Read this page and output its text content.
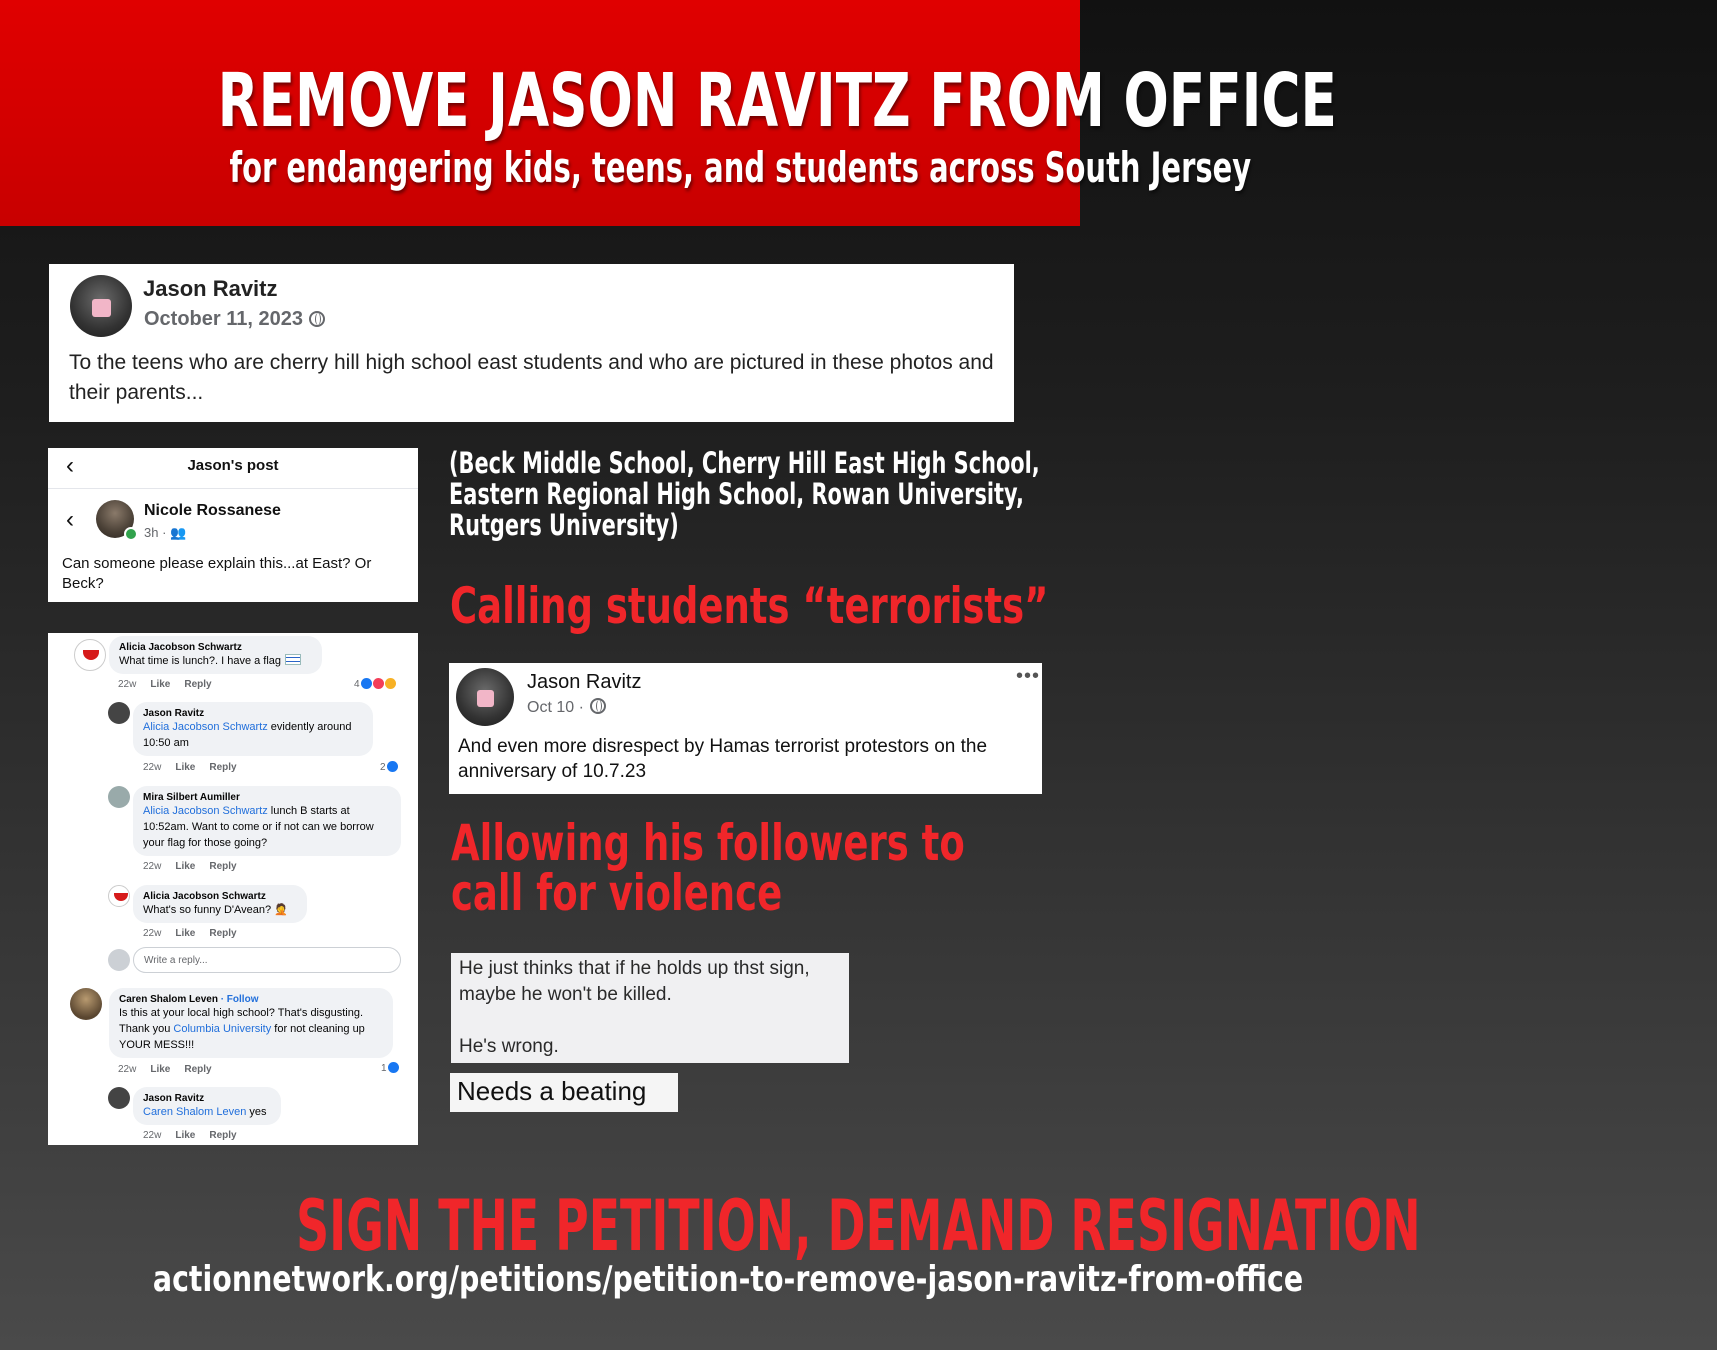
REMOVE JASON RAVITZ FROM OFFICE
for endangering kids, teens, and students across South Jersey
Jason Ravitz
October 11, 2023
To the teens who are cherry hill high school east students and who are pictured in these photos and their parents...
‹	Jason's post
‹	Nicole Rossanese
3h · 👥
Can someone please explain this...at East? Or Beck?
Alicia Jacobson Schwartz
What time is lunch?. I have a flag
22w Like Reply	4
Jason Ravitz
Alicia Jacobson Schwartz evidently around 10:50 am
22w Like Reply	2
Mira Silbert Aumiller
Alicia Jacobson Schwartz lunch B starts at 10:52am. Want to come or if not can we borrow your flag for those going?
22w Like Reply
Alicia Jacobson Schwartz
What's so funny D'Avean? 🤦
22w Like Reply
Write a reply...
Caren Shalom Leven · Follow
Is this at your local high school? That's disgusting. Thank you Columbia University for not cleaning up YOUR MESS!!!
22w Like Reply	1
Jason Ravitz
Caren Shalom Leven yes
22w Like Reply
(Beck Middle School, Cherry Hill East High School,
Eastern Regional High School, Rowan University,
Rutgers University)
Calling students “terrorists”
Jason Ravitz
Oct 10 ·
•••
And even more disrespect by Hamas terrorist protestors on the anniversary of 10.7.23
Allowing his followers to
call for violence
He just thinks that if he holds up thst sign,
maybe he won't be killed.
He's wrong.
Needs a beating
SIGN THE PETITION, DEMAND RESIGNATION
actionnetwork.org/petitions/petition-to-remove-jason-ravitz-from-office
